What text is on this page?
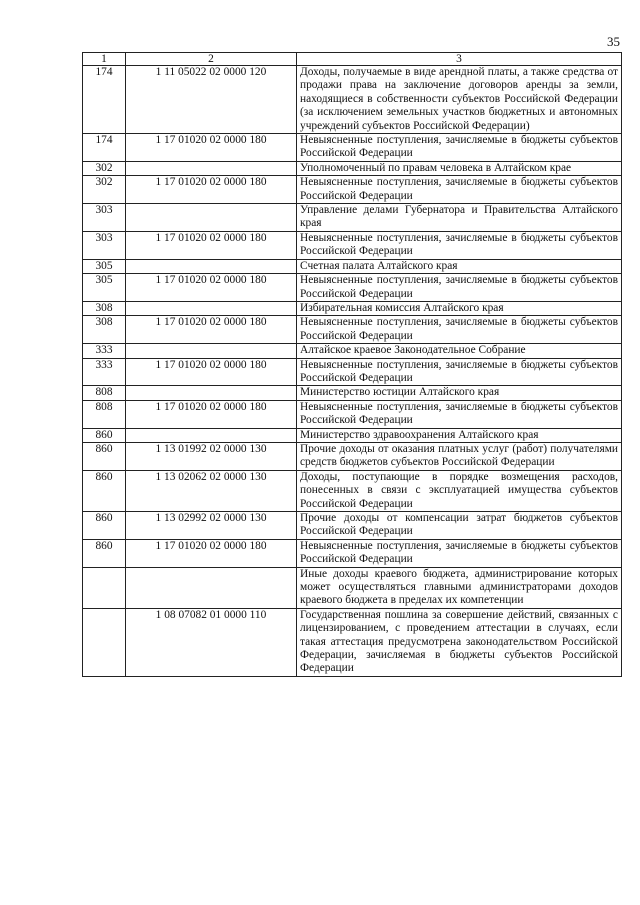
35
1	2	3
174	1 11 05022 02 0000 120	Доходы, получаемые в виде арендной платы, а также средства от продажи права на заключение договоров аренды за земли, находящиеся в собственности субъектов Российской Федерации (за исключением земельных участков бюджетных и автономных учреждений субъектов Российской Федерации)
174	1 17 01020 02 0000 180	Невыясненные поступления, зачисляемые в бюджеты субъектов Российской Федерации
302		Уполномоченный по правам человека в Алтайском крае
302	1 17 01020 02 0000 180	Невыясненные поступления, зачисляемые в бюджеты субъектов Российской Федерации
303		Управление делами Губернатора и Правительства Алтайского края
303	1 17 01020 02 0000 180	Невыясненные поступления, зачисляемые в бюджеты субъектов Российской Федерации
305		Счетная палата Алтайского края
305	1 17 01020 02 0000 180	Невыясненные поступления, зачисляемые в бюджеты субъектов Российской Федерации
308		Избирательная комиссия Алтайского края
308	1 17 01020 02 0000 180	Невыясненные поступления, зачисляемые в бюджеты субъектов Российской Федерации
333		Алтайское краевое Законодательное Собрание
333	1 17 01020 02 0000 180	Невыясненные поступления, зачисляемые в бюджеты субъектов Российской Федерации
808		Министерство юстиции Алтайского края
808	1 17 01020 02 0000 180	Невыясненные поступления, зачисляемые в бюджеты субъектов Российской Федерации
860		Министерство здравоохранения Алтайского края
860	1 13 01992 02 0000 130	Прочие доходы от оказания платных услуг (работ) получателями средств бюджетов субъектов Российской Федерации
860	1 13 02062 02 0000 130	Доходы, поступающие в порядке возмещения расходов, понесенных в связи с эксплуатацией имущества субъектов Российской Федерации
860	1 13 02992 02 0000 130	Прочие доходы от компенсации затрат бюджетов субъектов Российской Федерации
860	1 17 01020 02 0000 180	Невыясненные поступления, зачисляемые в бюджеты субъектов Российской Федерации
		Иные доходы краевого бюджета, администрирование которых может осуществляться главными администраторами доходов краевого бюджета в пределах их компетенции
	1 08 07082 01 0000 110	Государственная пошлина за совершение действий, связанных с лицензированием, с проведением аттестации в случаях, если такая аттестация предусмотрена законодательством Российской Федерации, зачисляемая в бюджеты субъектов Российской Федерации
